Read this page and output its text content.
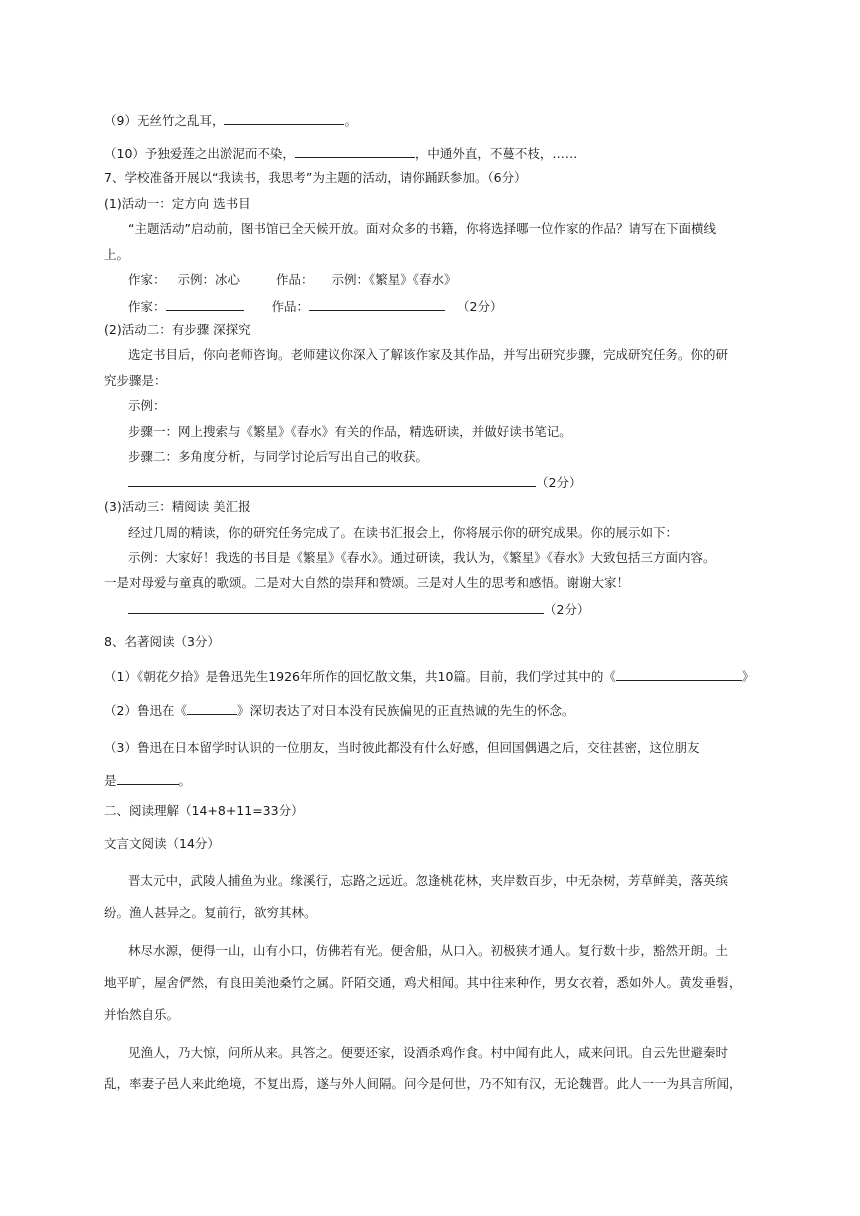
（9）无丝竹之乱耳，	。
（10）予独爱莲之出淤泥而不染，	，中通外直，不蔓不枝，……
7、学校准备开展以“我读书，我思考”为主题的活动，请你踊跃参加。（6分）
(1)活动一：定方向 选书目
“主题活动”启动前，图书馆已全天候开放。面对众多的书籍，你将选择哪一位作家的作品？请写在下面横线
上。
作家： 示例：冰心	作品： 示例：《繁星》《春水》
作家：	作品：	（2分）
(2)活动二：有步骤 深探究
选定书目后，你向老师咨询。老师建议你深入了解该作家及其作品，并写出研究步骤，完成研究任务。你的研
究步骤是：
示例：
步骤一：网上搜索与《繁星》《春水》有关的作品，精选研读，并做好读书笔记。
步骤二：多角度分析，与同学讨论后写出自己的收获。
（2分）
(3)活动三：精阅读 美汇报
经过几周的精读，你的研究任务完成了。在读书汇报会上，你将展示你的研究成果。你的展示如下：
示例：大家好！我选的书目是《繁星》《春水》。通过研读，我认为，《繁星》《春水》大致包括三方面内容。
一是对母爱与童真的歌颂。二是对大自然的崇拜和赞颂。三是对人生的思考和感悟。谢谢大家！
（2分）
8、名著阅读（3分）
（1）《朝花夕拾》是鲁迅先生1926年所作的回忆散文集，共10篇。目前，我们学过其中的《	》
（2）鲁迅在《	》深切表达了对日本没有民族偏见的正直热诚的先生的怀念。
（3）鲁迅在日本留学时认识的一位朋友，当时彼此都没有什么好感，但回国偶遇之后，交往甚密，这位朋友
是	。
二、阅读理解（14+8+11=33分）
文言文阅读（14分）
晋太元中，武陵人捕鱼为业。缘溪行，忘路之远近。忽逢桃花林，夹岸数百步，中无杂树，芳草鲜美，落英缤
纷。渔人甚异之。复前行，欲穷其林。
林尽水源，便得一山，山有小口，仿佛若有光。便舍船，从口入。初极狭才通人。复行数十步，豁然开朗。土
地平旷，屋舍俨然，有良田美池桑竹之属。阡陌交通，鸡犬相闻。其中往来种作，男女衣着，悉如外人。黄发垂髫，
并怡然自乐。
见渔人，乃大惊，问所从来。具答之。便要还家，设酒杀鸡作食。村中闻有此人，咸来问讯。自云先世避秦时
乱，率妻子邑人来此绝境，不复出焉，遂与外人间隔。问今是何世，乃不知有汉，无论魏晋。此人一一为具言所闻，
